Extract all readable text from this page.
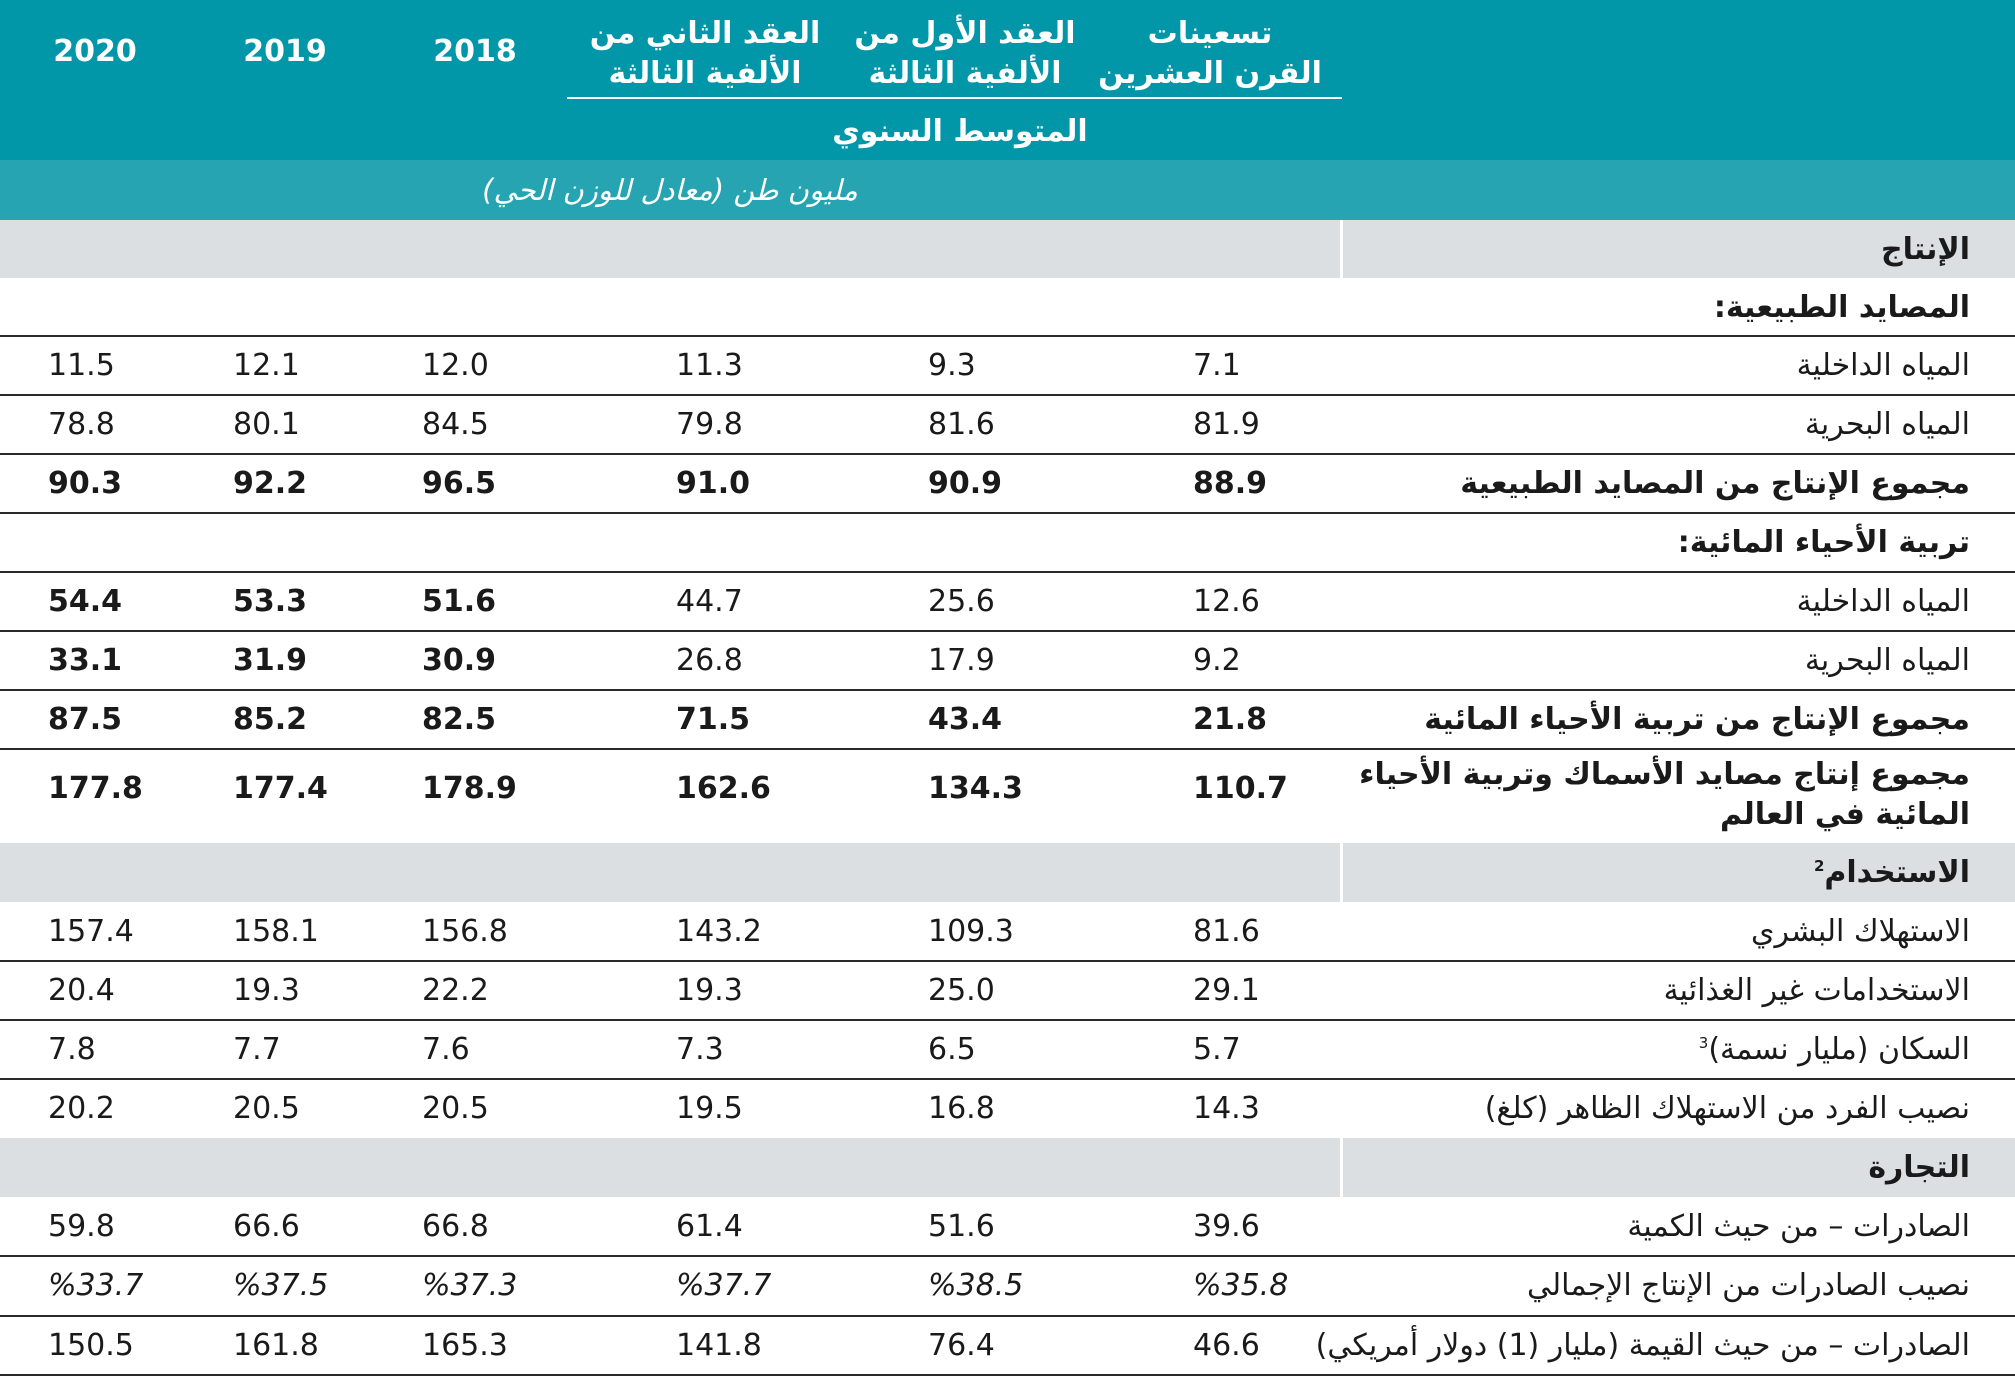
تسعينات
القرن العشرين
العقد الأول من
الألفية الثالثة
العقد الثاني من
الألفية الثالثة
2018
2019
2020
المتوسط السنوي
مليون طن (معادل للوزن الحي)
الإنتاج
المصايد الطبيعية:
المياه الداخلية
7.1
9.3
11.3
12.0
12.1
11.5
المياه البحرية
81.9
81.6
79.8
84.5
80.1
78.8
مجموع الإنتاج من المصايد الطبيعية
88.9
90.9
91.0
96.5
92.2
90.3
تربية الأحياء المائية:
المياه الداخلية
12.6
25.6
44.7
51.6
53.3
54.4
المياه البحرية
9.2
17.9
26.8
30.9
31.9
33.1
مجموع الإنتاج من تربية الأحياء المائية
21.8
43.4
71.5
82.5
85.2
87.5
مجموع إنتاج مصايد الأسماك وتربية الأحياء المائية في العالم
110.7
134.3
162.6
178.9
177.4
177.8
الاستخدام$^2$
الاستهلاك البشري
81.6
109.3
143.2
156.8
158.1
157.4
الاستخدامات غير الغذائية
29.1
25.0
19.3
22.2
19.3
20.4
السكان (مليار نسمة)$^3$
5.7
6.5
7.3
7.6
7.7
7.8
نصيب الفرد من الاستهلاك الظاهر (كلغ)
14.3
16.8
19.5
20.5
20.5
20.2
التجارة
الصادرات – من حيث الكمية
39.6
51.6
61.4
66.8
66.6
59.8
نصيب الصادرات من الإنتاج الإجمالي
%35.8
%38.5
%37.7
%37.3
%37.5
%33.7
الصادرات – من حيث القيمة (مليار (1) دولار أمريكي)
46.6
76.4
141.8
165.3
161.8
150.5
